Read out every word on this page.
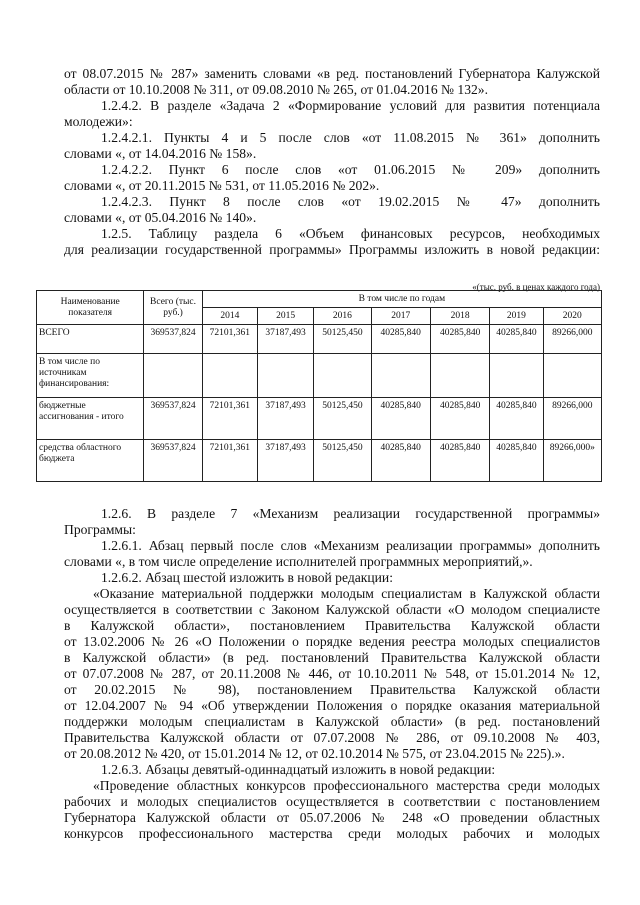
от 08.07.2015 № 287» заменить словами «в ред. постановлений Губернатора Калужской

области от 10.10.2008 № 311, от 09.08.2010 № 265, от 01.04.2016 № 132».

1.2.4.2. В разделе «Задача 2 «Формирование условий для развития потенциала

молодежи»:

1.2.4.2.1. Пункты 4 и 5 после слов «от 11.08.2015 № 361» дополнить

словами «, от 14.04.2016 № 158».

1.2.4.2.2. Пункт 6 после слов «от 01.06.2015 № 209» дополнить

словами «, от 20.11.2015 № 531, от 11.05.2016 № 202».

1.2.4.2.3. Пункт 8 после слов «от 19.02.2015 № 47» дополнить

словами «, от 05.04.2016 № 140».

1.2.5. Таблицу раздела 6 «Объем финансовых ресурсов, необходимых

для реализации государственной программы» Программы изложить в новой редакции:

«(тыс. руб. в ценах каждого года)

Наименование показателя	Всего (тыс. руб.)	В том числе по годам						
		2014	2015	2016	2017	2018	2019	2020
ВСЕГО	369537,824	72101,361	37187,493	50125,450	40285,840	40285,840	40285,840	89266,000
В том числе по источникам финансирования:								
бюджетные ассигнования - итого	369537,824	72101,361	37187,493	50125,450	40285,840	40285,840	40285,840	89266,000
средства областного бюджета	369537,824	72101,361	37187,493	50125,450	40285,840	40285,840	40285,840	89266,000»

1.2.6. В разделе 7 «Механизм реализации государственной программы»

Программы:

1.2.6.1. Абзац первый после слов «Механизм реализации программы» дополнить

словами «, в том числе определение исполнителей программных мероприятий,».

1.2.6.2. Абзац шестой изложить в новой редакции:

«Оказание материальной поддержки молодым специалистам в Калужской области

осуществляется в соответствии с Законом Калужской области «О молодом специалисте

в Калужской области», постановлением Правительства Калужской области

от 13.02.2006 № 26 «О Положении о порядке ведения реестра молодых специалистов

в Калужской области» (в ред. постановлений Правительства Калужской области

от 07.07.2008 № 287, от 20.11.2008 № 446, от 10.10.2011 № 548, от 15.01.2014 № 12,

от 20.02.2015 № 98), постановлением Правительства Калужской области

от 12.04.2007 № 94 «Об утверждении Положения о порядке оказания материальной

поддержки молодым специалистам в Калужской области» (в ред. постановлений

Правительства Калужской области от 07.07.2008 № 286, от 09.10.2008 № 403,

от 20.08.2012 № 420, от 15.01.2014 № 12, от 02.10.2014 № 575, от 23.04.2015 № 225).».

1.2.6.3. Абзацы девятый-одиннадцатый изложить в новой редакции:

«Проведение областных конкурсов профессионального мастерства среди молодых

рабочих и молодых специалистов осуществляется в соответствии с постановлением

Губернатора Калужской области от 05.07.2006 № 248 «О проведении областных

конкурсов профессионального мастерства среди молодых рабочих и молодых
